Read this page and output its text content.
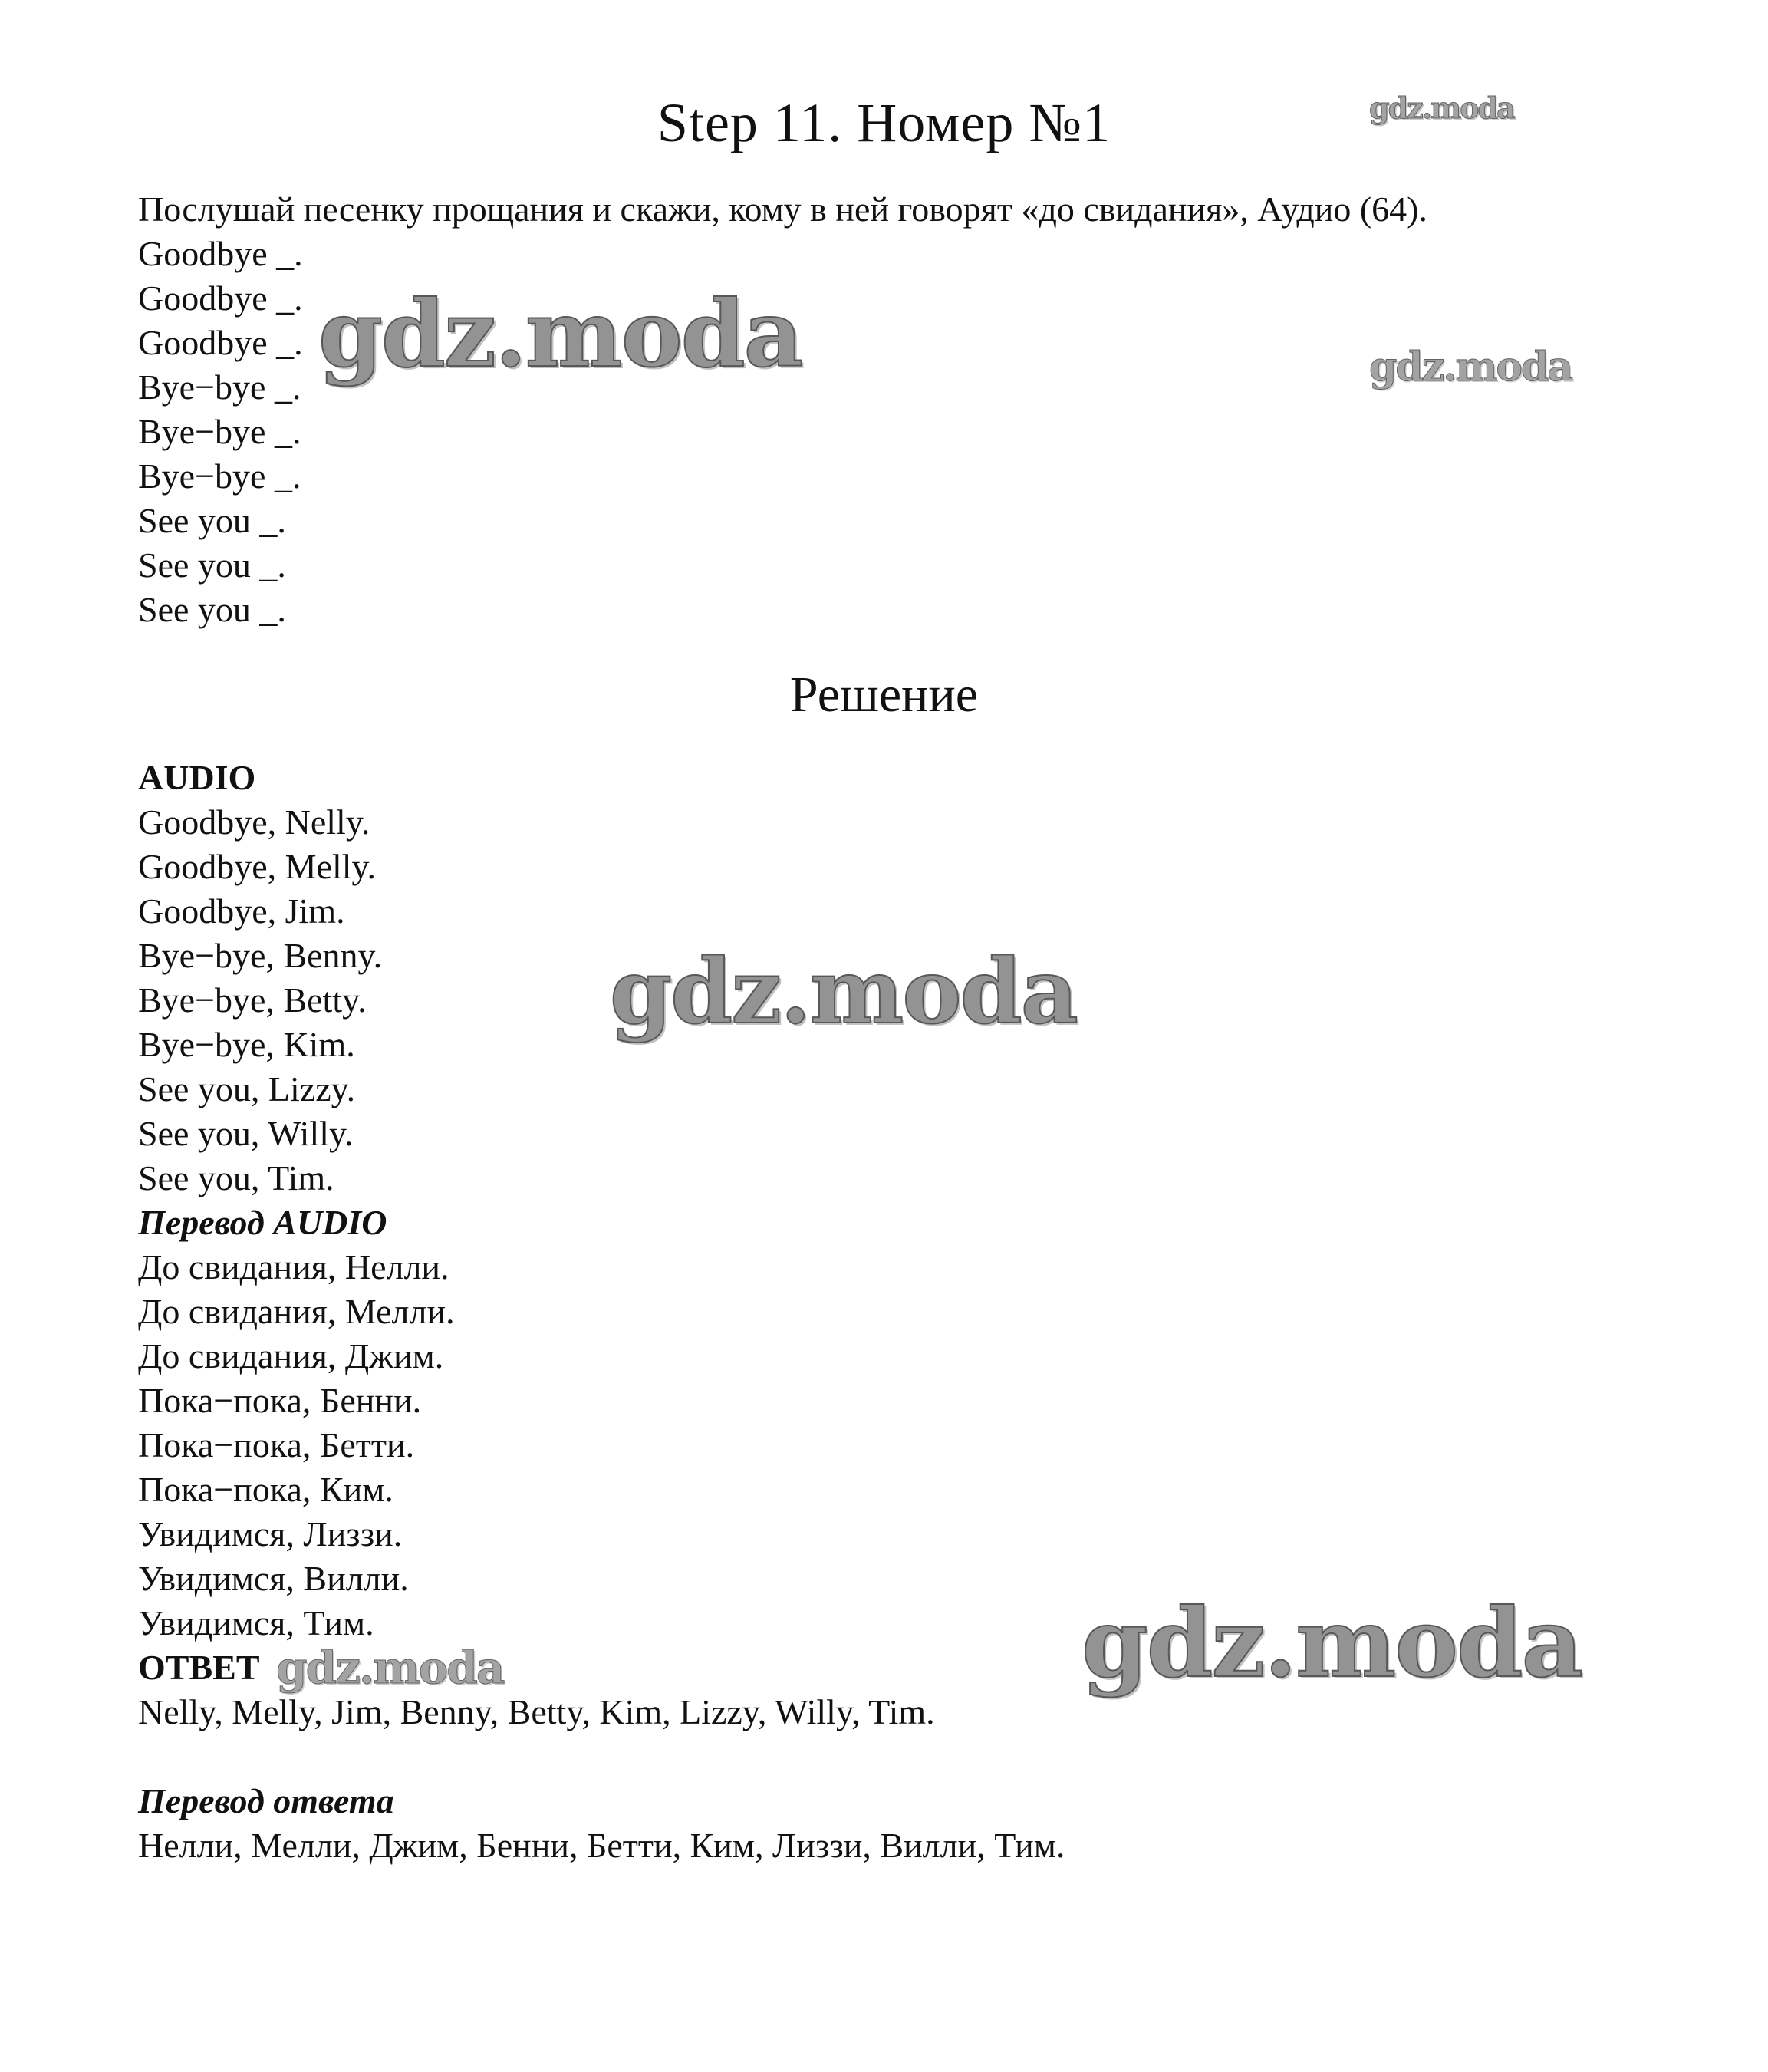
Step 11. Номер №1
Послушай песенку прощания и скажи, кому в ней говорят «до свидания», Аудио (64).
Goodbye _.
Goodbye _.
Goodbye _.
Bye−bye _.
Bye−bye _.
Bye−bye _.
See you _.
See you _.
See you _.
Решение
AUDIO
Goodbye, Nelly.
Goodbye, Melly.
Goodbye, Jim.
Bye−bye, Benny.
Bye−bye, Betty.
Bye−bye, Kim.
See you, Lizzy.
See you, Willy.
See you, Tim.
Перевод AUDIO
До свидания, Нелли.
До свидания, Мелли.
До свидания, Джим.
Пока−пока, Бенни.
Пока−пока, Бетти.
Пока−пока, Ким.
Увидимся, Лиззи.
Увидимся, Вилли.
Увидимся, Тим.
ОТВЕТ
Nelly, Melly, Jim, Benny, Betty, Kim, Lizzy, Willy, Tim.
Перевод ответа
Нелли, Мелли, Джим, Бенни, Бетти, Ким, Лиззи, Вилли, Тим.
gdz.moda
gdz.moda	gdz.moda
gdz.moda
gdz.moda	gdz.moda
